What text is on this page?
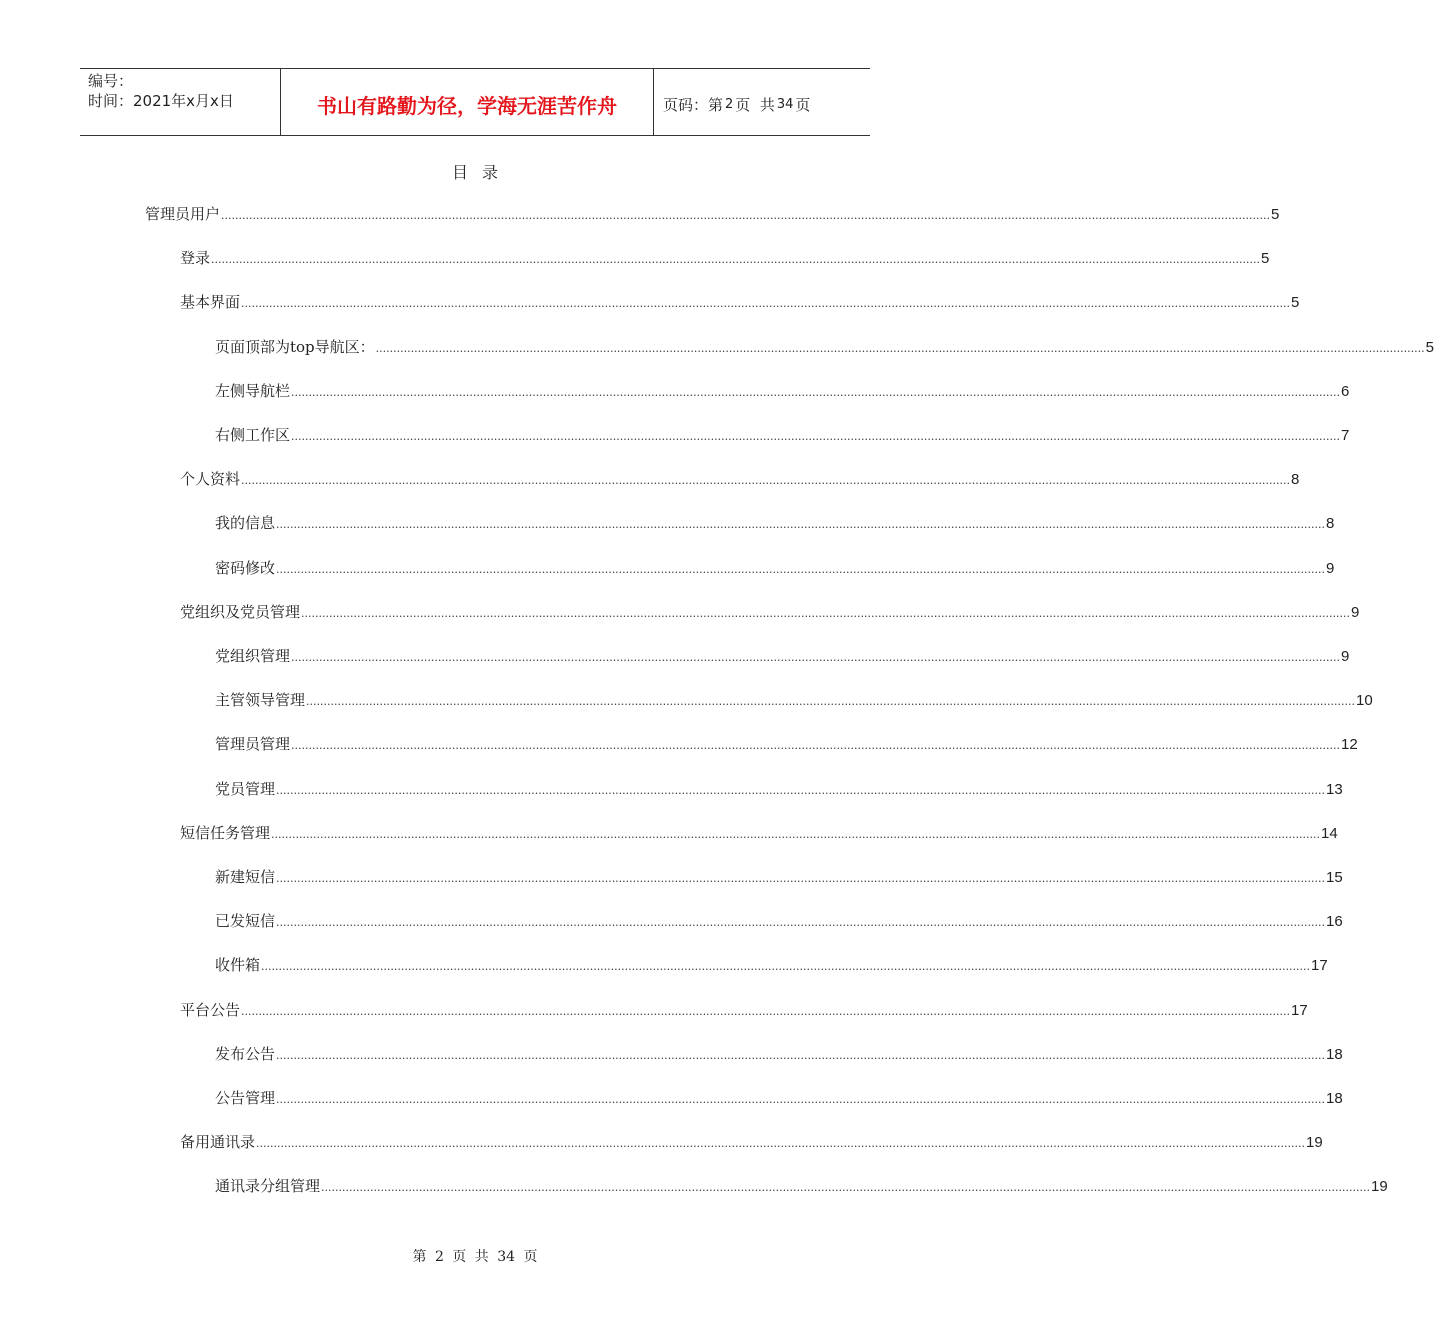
编号：
时间：2021年x月x日	书山有路勤为径，学海无涯苦作舟	页码：第 2 页  共 34 页
目录
管理员用户 ............................................................................................................................................................................................................................................................................................................ 5
登录 ............................................................................................................................................................................................................................................................................................................ 5
基本界面 ............................................................................................................................................................................................................................................................................................................ 5
页面顶部为top导航区： ............................................................................................................................................................................................................................................................................................................ 5
左侧导航栏 ............................................................................................................................................................................................................................................................................................................ 6
右侧工作区 ............................................................................................................................................................................................................................................................................................................ 7
个人资料 ............................................................................................................................................................................................................................................................................................................ 8
我的信息 ............................................................................................................................................................................................................................................................................................................ 8
密码修改 ............................................................................................................................................................................................................................................................................................................ 9
党组织及党员管理 ............................................................................................................................................................................................................................................................................................................ 9
党组织管理 ............................................................................................................................................................................................................................................................................................................ 9
主管领导管理 ............................................................................................................................................................................................................................................................................................................ 10
管理员管理 ............................................................................................................................................................................................................................................................................................................ 12
党员管理 ............................................................................................................................................................................................................................................................................................................ 13
短信任务管理 ............................................................................................................................................................................................................................................................................................................ 14
新建短信 ............................................................................................................................................................................................................................................................................................................ 15
已发短信 ............................................................................................................................................................................................................................................................................................................ 16
收件箱 ............................................................................................................................................................................................................................................................................................................ 17
平台公告 ............................................................................................................................................................................................................................................................................................................ 17
发布公告 ............................................................................................................................................................................................................................................................................................................ 18
公告管理 ............................................................................................................................................................................................................................................................................................................ 18
备用通讯录 ............................................................................................................................................................................................................................................................................................................ 19
通讯录分组管理 ............................................................................................................................................................................................................................................................................................................ 19
第 2 页 共 34 页
